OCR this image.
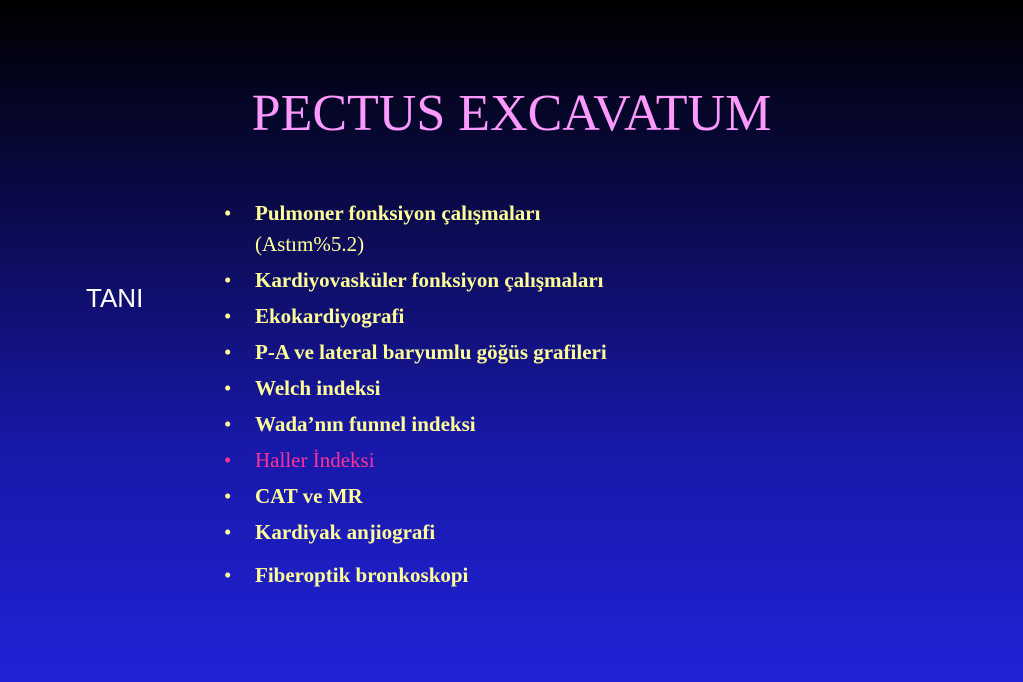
PECTUS EXCAVATUM
TANI
• Pulmoner fonksiyon çalışmaları
(Astım%5.2)
• Kardiyovasküler fonksiyon çalışmaları
• Ekokardiyografi
• P-A ve lateral baryumlu göğüs grafileri
• Welch indeksi
• Wada’nın funnel indeksi
• Haller İndeksi
• CAT ve MR
• Kardiyak anjiografi
• Fiberoptik bronkoskopi
